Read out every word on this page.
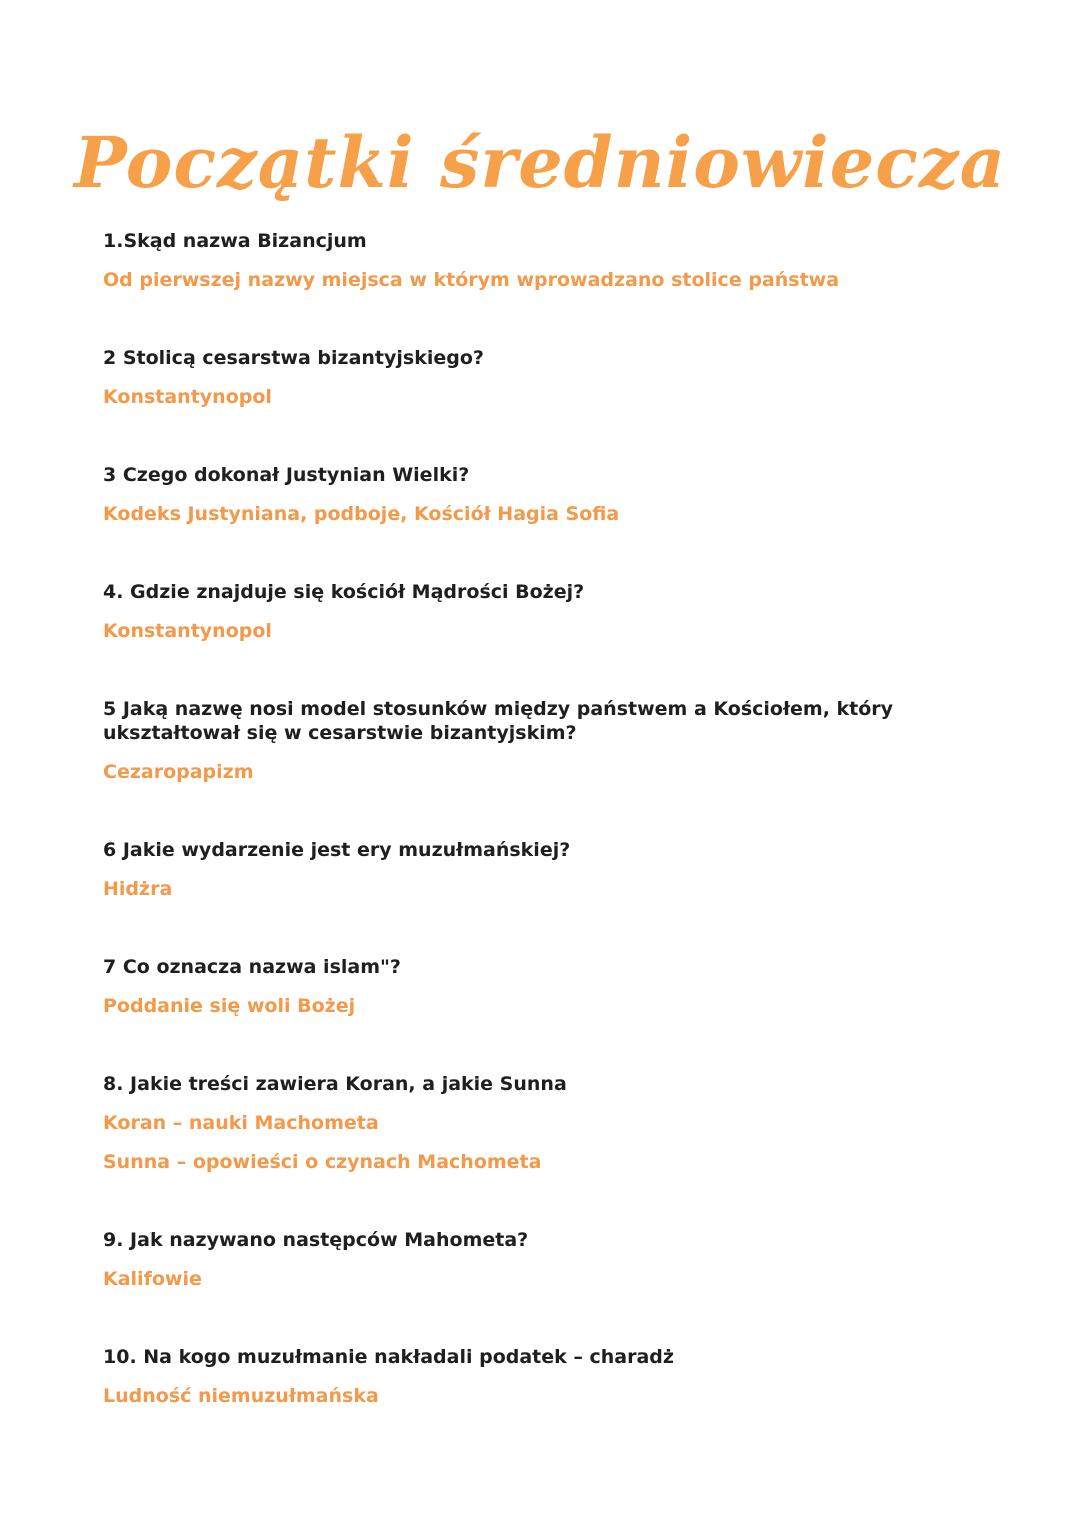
Początki średniowiecza

1.Skąd nazwa Bizancjum

Od pierwszej nazwy miejsca w którym wprowadzano stolice państwa

2 Stolicą cesarstwa bizantyjskiego?

Konstantynopol

3 Czego dokonał Justynian Wielki?

Kodeks Justyniana, podboje, Kościół Hagia Sofia

4. Gdzie znajduje się kościół Mądrości Bożej?

Konstantynopol

5 Jaką nazwę nosi model stosunków między państwem a Kościołem, który ukształtował się w cesarstwie bizantyjskim?

Cezaropapizm

6 Jakie wydarzenie jest ery muzułmańskiej?

Hidżra

7 Co oznacza nazwa islam"?

Poddanie się woli Bożej

8. Jakie treści zawiera Koran, a jakie Sunna

Koran – nauki Machometa

Sunna – opowieści o czynach Machometa

9. Jak nazywano następców Mahometa?

Kalifowie

10. Na kogo muzułmanie nakładali podatek – charadż

Ludność niemuzułmańska
